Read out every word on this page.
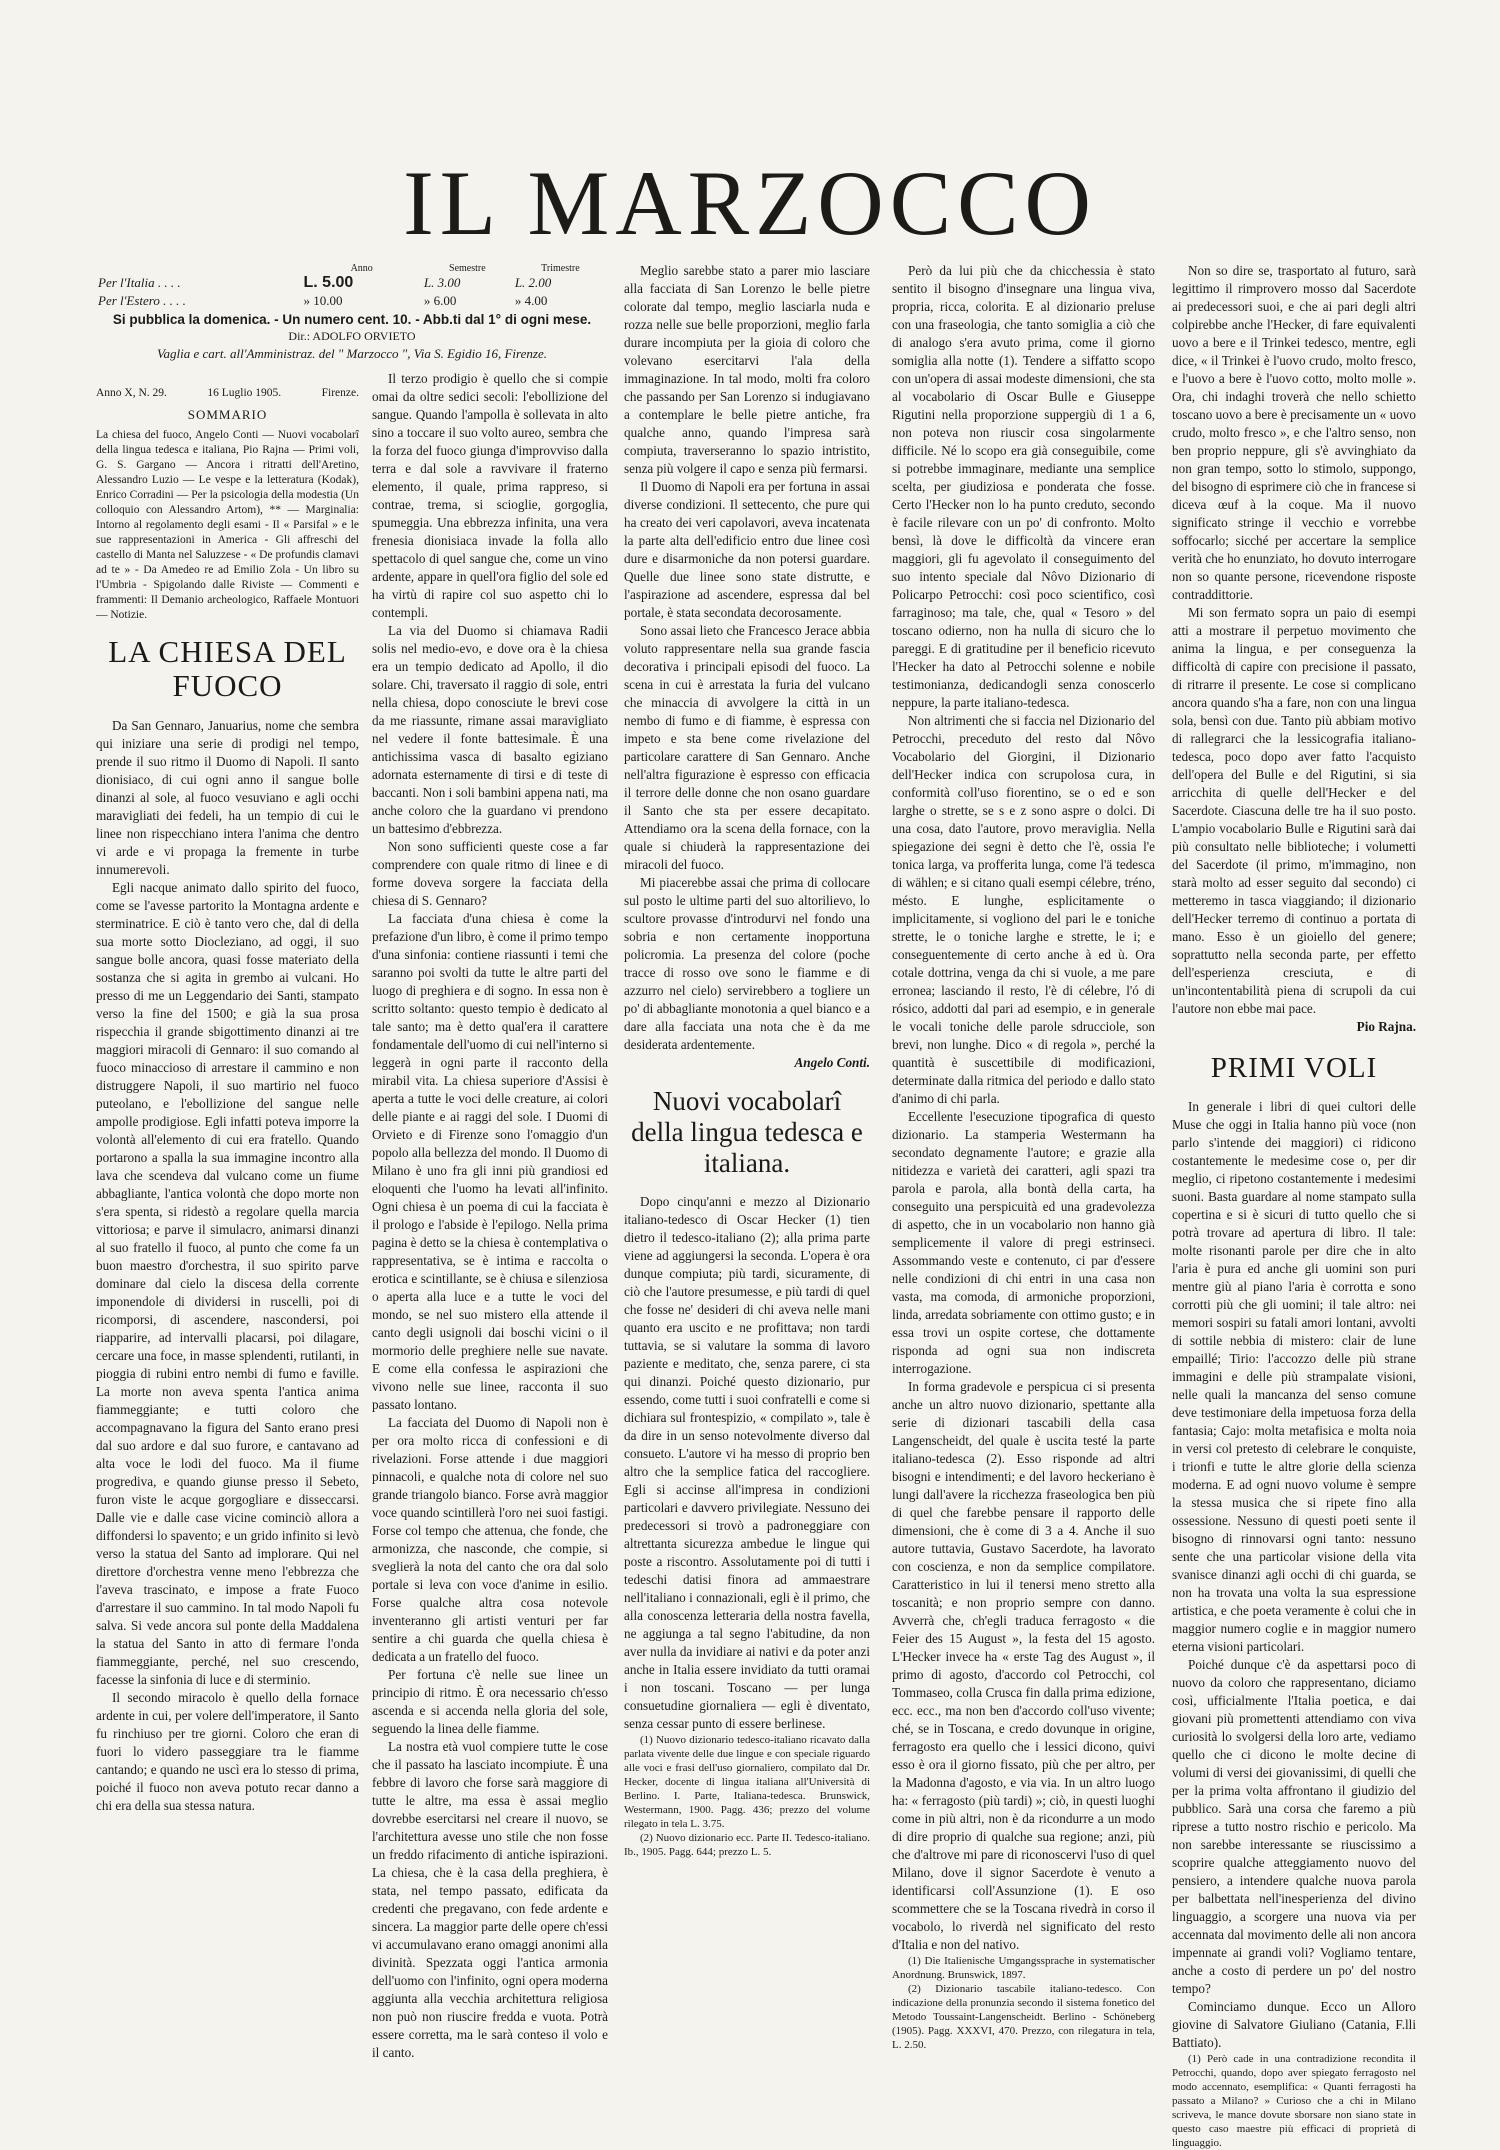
IL MARZOCCO
	Anno	Semestre	Trimestre
Per l'Italia . . . .	L. 5.00	L. 3.00	L. 2.00
Per l'Estero . . . .	» 10.00	» 6.00	» 4.00
Si pubblica la domenica. - Un numero cent. 10. - Abb.ti dal 1° di ogni mese.
Dir.: ADOLFO ORVIETO
Vaglia e cart. all'Amministraz. del " Marzocco ", Via S. Egidio 16, Firenze.
Anno X, N. 29.	16 Luglio 1905.	Firenze.
SOMMARIO
La chiesa del fuoco, Angelo Conti — Nuovi vocabolarî della lingua tedesca e italiana, Pio Rajna — Primi voli, G. S. Gargano — Ancora i ritratti dell'Aretino, Alessandro Luzio — Le vespe e la letteratura (Kodak), Enrico Corradini — Per la psicologia della modestia (Un colloquio con Alessandro Artom), ** — Marginalia: Intorno al regolamento degli esami - Il « Parsifal » e le sue rappresentazioni in America - Gli affreschi del castello di Manta nel Saluzzese - « De profundis clamavi ad te » - Da Amedeo re ad Emilio Zola - Un libro su l'Umbria - Spigolando dalle Riviste — Commenti e frammenti: Il Demanio archeologico, Raffaele Montuori — Notizie.
LA CHIESA DEL FUOCO

Da San Gennaro, Januarius, nome che sembra qui iniziare una serie di prodigi nel tempo, prende il suo ritmo il Duomo di Napoli. Il santo dionisiaco, di cui ogni anno il sangue bolle dinanzi al sole, al fuoco vesuviano e agli occhi maravigliati dei fedeli, ha un tempio di cui le linee non rispecchiano intera l'anima che dentro vi arde e vi propaga la fremente in turbe innumerevoli.

Egli nacque animato dallo spirito del fuoco, come se l'avesse partorito la Montagna ardente e sterminatrice. E ciò è tanto vero che, dal di della sua morte sotto Diocleziano, ad oggi, il suo sangue bolle ancora, quasi fosse materiato della sostanza che si agita in grembo ai vulcani. Ho presso di me un Leggendario dei Santi, stampato verso la fine del 1500; e già la sua prosa rispecchia il grande sbigottimento dinanzi ai tre maggiori miracoli di Gennaro: il suo comando al fuoco minaccioso di arrestare il cammino e non distruggere Napoli, il suo martirio nel fuoco puteolano, e l'ebollizione del sangue nelle ampolle prodigiose. Egli infatti poteva imporre la volontà all'elemento di cui era fratello. Quando portarono a spalla la sua immagine incontro alla lava che scendeva dal vulcano come un fiume abbagliante, l'antica volontà che dopo morte non s'era spenta, si ridestò a regolare quella marcia vittoriosa; e parve il simulacro, animarsi dinanzi al suo fratello il fuoco, al punto che come fa un buon maestro d'orchestra, il suo spirito parve dominare dal cielo la discesa della corrente imponendole di dividersi in ruscelli, poi di ricomporsi, di ascendere, nascondersi, poi riapparire, ad intervalli placarsi, poi dilagare, cercare una foce, in masse splendenti, rutilanti, in pioggia di rubini entro nembi di fumo e faville. La morte non aveva spenta l'antica anima fiammeggiante; e tutti coloro che accompagnavano la figura del Santo erano presi dal suo ardore e dal suo furore, e cantavano ad alta voce le lodi del fuoco. Ma il fiume progrediva, e quando giunse presso il Sebeto, furon viste le acque gorgogliare e disseccarsi. Dalle vie e dalle case vicine cominciò allora a diffondersi lo spavento; e un grido infinito si levò verso la statua del Santo ad implorare. Qui nel direttore d'orchestra venne meno l'ebbrezza che l'aveva trascinato, e impose a frate Fuoco d'arrestare il suo cammino. In tal modo Napoli fu salva. Si vede ancora sul ponte della Maddalena la statua del Santo in atto di fermare l'onda fiammeggiante, perché, nel suo crescendo, facesse la sinfonia di luce e di sterminio.

Il secondo miracolo è quello della fornace ardente in cui, per volere dell'imperatore, il Santo fu rinchiuso per tre giorni. Coloro che eran di fuori lo videro passeggiare tra le fiamme cantando; e quando ne uscì era lo stesso di prima, poiché il fuoco non aveva potuto recar danno a chi era della sua stessa natura.

Il terzo prodigio è quello che si compie omai da oltre sedici secoli: l'ebollizione del sangue. Quando l'ampolla è sollevata in alto sino a toccare il suo volto aureo, sembra che la forza del fuoco giunga d'improvviso dalla terra e dal sole a ravvivare il fraterno elemento, il quale, prima rappreso, si contrae, trema, si scioglie, gorgoglia, spumeggia. Una ebbrezza infinita, una vera frenesia dionisiaca invade la folla allo spettacolo di quel sangue che, come un vino ardente, appare in quell'ora figlio del sole ed ha virtù di rapire col suo aspetto chi lo contempli.

La via del Duomo si chiamava Radii solis nel medio-evo, e dove ora è la chiesa era un tempio dedicato ad Apollo, il dio solare. Chi, traversato il raggio di sole, entri nella chiesa, dopo conosciute le brevi cose da me riassunte, rimane assai maravigliato nel vedere il fonte battesimale. È una antichissima vasca di basalto egiziano adornata esternamente di tirsi e di teste di baccanti. Non i soli bambini appena nati, ma anche coloro che la guardano vi prendono un battesimo d'ebbrezza.

Non sono sufficienti queste cose a far comprendere con quale ritmo di linee e di forme doveva sorgere la facciata della chiesa di S. Gennaro?

La facciata d'una chiesa è come la prefazione d'un libro, è come il primo tempo d'una sinfonia: contiene riassunti i temi che saranno poi svolti da tutte le altre parti del luogo di preghiera e di sogno. In essa non è scritto soltanto: questo tempio è dedicato al tale santo; ma è detto qual'era il carattere fondamentale dell'uomo di cui nell'interno si leggerà in ogni parte il racconto della mirabil vita. La chiesa superiore d'Assisi è aperta a tutte le voci delle creature, ai colori delle piante e ai raggi del sole. I Duomi di Orvieto e di Firenze sono l'omaggio d'un popolo alla bellezza del mondo. Il Duomo di Milano è uno fra gli inni più grandiosi ed eloquenti che l'uomo ha levati all'infinito. Ogni chiesa è un poema di cui la facciata è il prologo e l'abside è l'epilogo. Nella prima pagina è detto se la chiesa è contemplativa o rappresentativa, se è intima e raccolta o erotica e scintillante, se è chiusa e silenziosa o aperta alla luce e a tutte le voci del mondo, se nel suo mistero ella attende il canto degli usignoli dai boschi vicini o il mormorio delle preghiere nelle sue navate. E come ella confessa le aspirazioni che vivono nelle sue linee, racconta il suo passato lontano.

La facciata del Duomo di Napoli non è per ora molto ricca di confessioni e di rivelazioni. Forse attende i due maggiori pinnacoli, e qualche nota di colore nel suo grande triangolo bianco. Forse avrà maggior voce quando scintillerà l'oro nei suoi fastigi. Forse col tempo che attenua, che fonde, che armonizza, che nasconde, che compie, si sveglierà la nota del canto che ora dal solo portale si leva con voce d'anime in esilio. Forse qualche altra cosa notevole inventeranno gli artisti venturi per far sentire a chi guarda che quella chiesa è dedicata a un fratello del fuoco.

Per fortuna c'è nelle sue linee un principio di ritmo. È ora necessario ch'esso ascenda e si accenda nella gloria del sole, seguendo la linea delle fiamme.

La nostra età vuol compiere tutte le cose che il passato ha lasciato incompiute. È una febbre di lavoro che forse sarà maggiore di tutte le altre, ma essa è assai meglio dovrebbe esercitarsi nel creare il nuovo, se l'architettura avesse uno stile che non fosse un freddo rifacimento di antiche ispirazioni. La chiesa, che è la casa della preghiera, è stata, nel tempo passato, edificata da credenti che pregavano, con fede ardente e sincera. La maggior parte delle opere ch'essi vi accumulavano erano omaggi anonimi alla divinità. Spezzata oggi l'antica armonia dell'uomo con l'infinito, ogni opera moderna aggiunta alla vecchia architettura religiosa non può non riuscire fredda e vuota. Potrà essere corretta, ma le sarà conteso il volo e il canto.

Meglio sarebbe stato a parer mio lasciare alla facciata di San Lorenzo le belle pietre colorate dal tempo, meglio lasciarla nuda e rozza nelle sue belle proporzioni, meglio farla durare incompiuta per la gioia di coloro che volevano esercitarvi l'ala della immaginazione. In tal modo, molti fra coloro che passando per San Lorenzo si indugiavano a contemplare le belle pietre antiche, fra qualche anno, quando l'impresa sarà compiuta, traverseranno lo spazio intristito, senza più volgere il capo e senza più fermarsi.

Il Duomo di Napoli era per fortuna in assai diverse condizioni. Il settecento, che pure qui ha creato dei veri capolavori, aveva incatenata la parte alta dell'edificio entro due linee così dure e disarmoniche da non potersi guardare. Quelle due linee sono state distrutte, e l'aspirazione ad ascendere, espressa dal bel portale, è stata secondata decorosamente.

Sono assai lieto che Francesco Jerace abbia voluto rappresentare nella sua grande fascia decorativa i principali episodi del fuoco. La scena in cui è arrestata la furia del vulcano che minaccia di avvolgere la città in un nembo di fumo e di fiamme, è espressa con impeto e sta bene come rivelazione del particolare carattere di San Gennaro. Anche nell'altra figurazione è espresso con efficacia il terrore delle donne che non osano guardare il Santo che sta per essere decapitato. Attendiamo ora la scena della fornace, con la quale si chiuderà la rappresentazione dei miracoli del fuoco.

Mi piacerebbe assai che prima di collocare sul posto le ultime parti del suo altorilievo, lo scultore provasse d'introdurvi nel fondo una sobria e non certamente inopportuna policromia. La presenza del colore (poche tracce di rosso ove sono le fiamme e di azzurro nel cielo) servirebbero a togliere un po' di abbagliante monotonia a quel bianco e a dare alla facciata una nota che è da me desiderata ardentemente.

Angelo Conti.

Nuovi vocabolarî della lingua tedesca e italiana.

Dopo cinqu'anni e mezzo al Dizionario italiano-tedesco di Oscar Hecker (1) tien dietro il tedesco-italiano (2); alla prima parte viene ad aggiungersi la seconda. L'opera è ora dunque compiuta; più tardi, sicuramente, di ciò che l'autore presumesse, e più tardi di quel che fosse ne' desideri di chi aveva nelle mani quanto era uscito e ne profittava; non tardi tuttavia, se si valutare la somma di lavoro paziente e meditato, che, senza parere, ci sta qui dinanzi. Poiché questo dizionario, pur essendo, come tutti i suoi confratelli e come si dichiara sul frontespizio, « compilato », tale è da dire in un senso notevolmente diverso dal consueto. L'autore vi ha messo di proprio ben altro che la semplice fatica del raccogliere. Egli si accinse all'impresa in condizioni particolari e davvero privilegiate. Nessuno dei predecessori si trovò a padroneggiare con altrettanta sicurezza ambedue le lingue qui poste a riscontro. Assolutamente poi di tutti i tedeschi datisi finora ad ammaestrare nell'italiano i connazionali, egli è il primo, che alla conoscenza letteraria della nostra favella, ne aggiunga a tal segno l'abitudine, da non aver nulla da invidiare ai nativi e da poter anzi anche in Italia essere invidiato da tutti oramai i non toscani. Toscano — per lunga consuetudine giornaliera — egli è diventato, senza cessar punto di essere berlinese.

(1) Nuovo dizionario tedesco-italiano ricavato dalla parlata vivente delle due lingue e con speciale riguardo alle voci e frasi dell'uso giornaliero, compilato dal Dr. Hecker, docente di lingua italiana all'Università di Berlino. I. Parte, Italiana-tedesca. Brunswick, Westermann, 1900. Pagg. 436; prezzo del volume rilegato in tela L. 3.75.

(2) Nuovo dizionario ecc. Parte II. Tedesco-italiano. Ib., 1905. Pagg. 644; prezzo L. 5.

Però da lui più che da chicchessia è stato sentito il bisogno d'insegnare una lingua viva, propria, ricca, colorita. E al dizionario preluse con una fraseologia, che tanto somiglia a ciò che di analogo s'era avuto prima, come il giorno somiglia alla notte (1). Tendere a siffatto scopo con un'opera di assai modeste dimensioni, che sta al vocabolario di Oscar Bulle e Giuseppe Rigutini nella proporzione suppergiù di 1 a 6, non poteva non riuscir cosa singolarmente difficile. Né lo scopo era già conseguibile, come si potrebbe immaginare, mediante una semplice scelta, per giudiziosa e ponderata che fosse. Certo l'Hecker non lo ha punto creduto, secondo è facile rilevare con un po' di confronto. Molto bensì, là dove le difficoltà da vincere eran maggiori, gli fu agevolato il conseguimento del suo intento speciale dal Nôvo Dizionario di Policarpo Petrocchi: così poco scientifico, così farraginoso; ma tale, che, qual « Tesoro » del toscano odierno, non ha nulla di sicuro che lo pareggi. E di gratitudine per il beneficio ricevuto l'Hecker ha dato al Petrocchi solenne e nobile testimonianza, dedicandogli senza conoscerlo neppure, la parte italiano-tedesca.

Non altrimenti che si faccia nel Dizionario del Petrocchi, preceduto del resto dal Nôvo Vocabolario del Giorgini, il Dizionario dell'Hecker indica con scrupolosa cura, in conformità coll'uso fiorentino, se o ed e son larghe o strette, se s e z sono aspre o dolci. Di una cosa, dato l'autore, provo meraviglia. Nella spiegazione dei segni è detto che l'è, ossia l'e tonica larga, va profferita lunga, come l'ä tedesca di wählen; e si citano quali esempi célebre, tréno, mésto. E lunghe, esplicitamente o implicitamente, si vogliono del pari le e toniche strette, le o toniche larghe e strette, le i; e conseguentemente di certo anche à ed ù. Ora cotale dottrina, venga da chi si vuole, a me pare erronea; lasciando il resto, l'è di célebre, l'ó di rósico, addotti dal pari ad esempio, e in generale le vocali toniche delle parole sdrucciole, son brevi, non lunghe. Dico « di regola », perché la quantità è suscettibile di modificazioni, determinate dalla ritmica del periodo e dallo stato d'animo di chi parla.

Eccellente l'esecuzione tipografica di questo dizionario. La stamperia Westermann ha secondato degnamente l'autore; e grazie alla nitidezza e varietà dei caratteri, agli spazi tra parola e parola, alla bontà della carta, ha conseguito una perspicuità ed una gradevolezza di aspetto, che in un vocabolario non hanno già semplicemente il valore di pregi estrinseci. Assommando veste e contenuto, ci par d'essere nelle condizioni di chi entri in una casa non vasta, ma comoda, di armoniche proporzioni, linda, arredata sobriamente con ottimo gusto; e in essa trovi un ospite cortese, che dottamente risponda ad ogni sua non indiscreta interrogazione.

In forma gradevole e perspicua ci si presenta anche un altro nuovo dizionario, spettante alla serie di dizionari tascabili della casa Langenscheidt, del quale è uscita testé la parte italiano-tedesca (2). Esso risponde ad altri bisogni e intendimenti; e del lavoro heckeriano è lungi dall'avere la ricchezza fraseologica ben più di quel che farebbe pensare il rapporto delle dimensioni, che è come di 3 a 4. Anche il suo autore tuttavia, Gustavo Sacerdote, ha lavorato con coscienza, e non da semplice compilatore. Caratteristico in lui il tenersi meno stretto alla toscanità; e non proprio sempre con danno. Avverrà che, ch'egli traduca ferragosto « die Feier des 15 August », la festa del 15 agosto. L'Hecker invece ha « erste Tag des August », il primo di agosto, d'accordo col Petrocchi, col Tommaseo, colla Crusca fin dalla prima edizione, ecc. ecc., ma non ben d'accordo coll'uso vivente; ché, se in Toscana, e credo dovunque in origine, ferragosto era quello che i lessici dicono, quivi esso è ora il giorno fissato, più che per altro, per la Madonna d'agosto, e via via. In un altro luogo ha: « ferragosto (più tardi) »; ciò, in questi luoghi come in più altri, non è da ricondurre a un modo di dire proprio di qualche sua regione; anzi, più che d'altrove mi pare di riconoscervi l'uso di quel Milano, dove il signor Sacerdote è venuto a identificarsi coll'Assunzione (1). E oso scommettere che se la Toscana rivedrà in corso il vocabolo, lo riverdà nel significato del resto d'Italia e non del nativo.

(1) Die Italienische Umgangssprache in systematischer Anordnung. Brunswick, 1897.

(2) Dizionario tascabile italiano-tedesco. Con indicazione della pronunzia secondo il sistema fonetico del Metodo Toussaint-Langenscheidt. Berlino - Schöneberg (1905). Pagg. XXXVI, 470. Prezzo, con rilegatura in tela, L. 2.50.

Non so dire se, trasportato al futuro, sarà legittimo il rimprovero mosso dal Sacerdote ai predecessori suoi, e che ai pari degli altri colpirebbe anche l'Hecker, di fare equivalenti uovo a bere e il Trinkei tedesco, mentre, egli dice, « il Trinkei è l'uovo crudo, molto fresco, e l'uovo a bere è l'uovo cotto, molto molle ». Ora, chi indaghi troverà che nello schietto toscano uovo a bere è precisamente un « uovo crudo, molto fresco », e che l'altro senso, non ben proprio neppure, gli s'è avvinghiato da non gran tempo, sotto lo stimolo, suppongo, del bisogno di esprimere ciò che in francese si diceva œuf à la coque. Ma il nuovo significato stringe il vecchio e vorrebbe soffocarlo; sicché per accertare la semplice verità che ho enunziato, ho dovuto interrogare non so quante persone, ricevendone risposte contraddittorie.

Mi son fermato sopra un paio di esempi atti a mostrare il perpetuo movimento che anima la lingua, e per conseguenza la difficoltà di capire con precisione il passato, di ritrarre il presente. Le cose si complicano ancora quando s'ha a fare, non con una lingua sola, bensì con due. Tanto più abbiam motivo di rallegrarci che la lessicografia italiano-tedesca, poco dopo aver fatto l'acquisto dell'opera del Bulle e del Rigutini, si sia arricchita di quelle dell'Hecker e del Sacerdote. Ciascuna delle tre ha il suo posto. L'ampio vocabolario Bulle e Rigutini sarà dai più consultato nelle biblioteche; i volumetti del Sacerdote (il primo, m'immagino, non starà molto ad esser seguito dal secondo) ci metteremo in tasca viaggiando; il dizionario dell'Hecker terremo di continuo a portata di mano. Esso è un gioiello del genere; soprattutto nella seconda parte, per effetto dell'esperienza cresciuta, e di un'incontentabilità piena di scrupoli da cui l'autore non ebbe mai pace.

Pio Rajna.

PRIMI VOLI

In generale i libri di quei cultori delle Muse che oggi in Italia hanno più voce (non parlo s'intende dei maggiori) ci ridicono costantemente le medesime cose o, per dir meglio, ci ripetono costantemente i medesimi suoni. Basta guardare al nome stampato sulla copertina e si è sicuri di tutto quello che si potrà trovare ad apertura di libro. Il tale: molte risonanti parole per dire che in alto l'aria è pura ed anche gli uomini son puri mentre giù al piano l'aria è corrotta e sono corrotti più che gli uomini; il tale altro: nei memori sospiri su fatali amori lontani, avvolti di sottile nebbia di mistero: clair de lune empaillé; Tirio: l'accozzo delle più strane immagini e delle più strampalate visioni, nelle quali la mancanza del senso comune deve testimoniare della impetuosa forza della fantasia; Cajo: molta metafisica e molta noia in versi col pretesto di celebrare le conquiste, i trionfi e tutte le altre glorie della scienza moderna. E ad ogni nuovo volume è sempre la stessa musica che si ripete fino alla ossessione. Nessuno di questi poeti sente il bisogno di rinnovarsi ogni tanto: nessuno sente che una particolar visione della vita svanisce dinanzi agli occhi di chi guarda, se non ha trovata una volta la sua espressione artistica, e che poeta veramente è colui che in maggior numero coglie e in maggior numero eterna visioni particolari.

Poiché dunque c'è da aspettarsi poco di nuovo da coloro che rappresentano, diciamo così, ufficialmente l'Italia poetica, e dai giovani più promettenti attendiamo con viva curiosità lo svolgersi della loro arte, vediamo quello che ci dicono le molte decine di volumi di versi dei giovanissimi, di quelli che per la prima volta affrontano il giudizio del pubblico. Sarà una corsa che faremo a più riprese a tutto nostro rischio e pericolo. Ma non sarebbe interessante se riuscissimo a scoprire qualche atteggiamento nuovo del pensiero, a intendere qualche nuova parola per balbettata nell'inesperienza del divino linguaggio, a scorgere una nuova via per accennata dal movimento delle ali non ancora impennate ai grandi voli? Vogliamo tentare, anche a costo di perdere un po' del nostro tempo?

Cominciamo dunque. Ecco un Alloro giovine di Salvatore Giuliano (Catania, F.lli Battiato).

(1) Però cade in una contradizione recondita il Petrocchi, quando, dopo aver spiegato ferragosto nel modo accennato, esemplifica: « Quanti ferragosti ha passato a Milano? » Curioso che a chi in Milano scriveva, le mance dovute sborsare non siano state in questo caso maestre più efficaci di proprietà di linguaggio.
